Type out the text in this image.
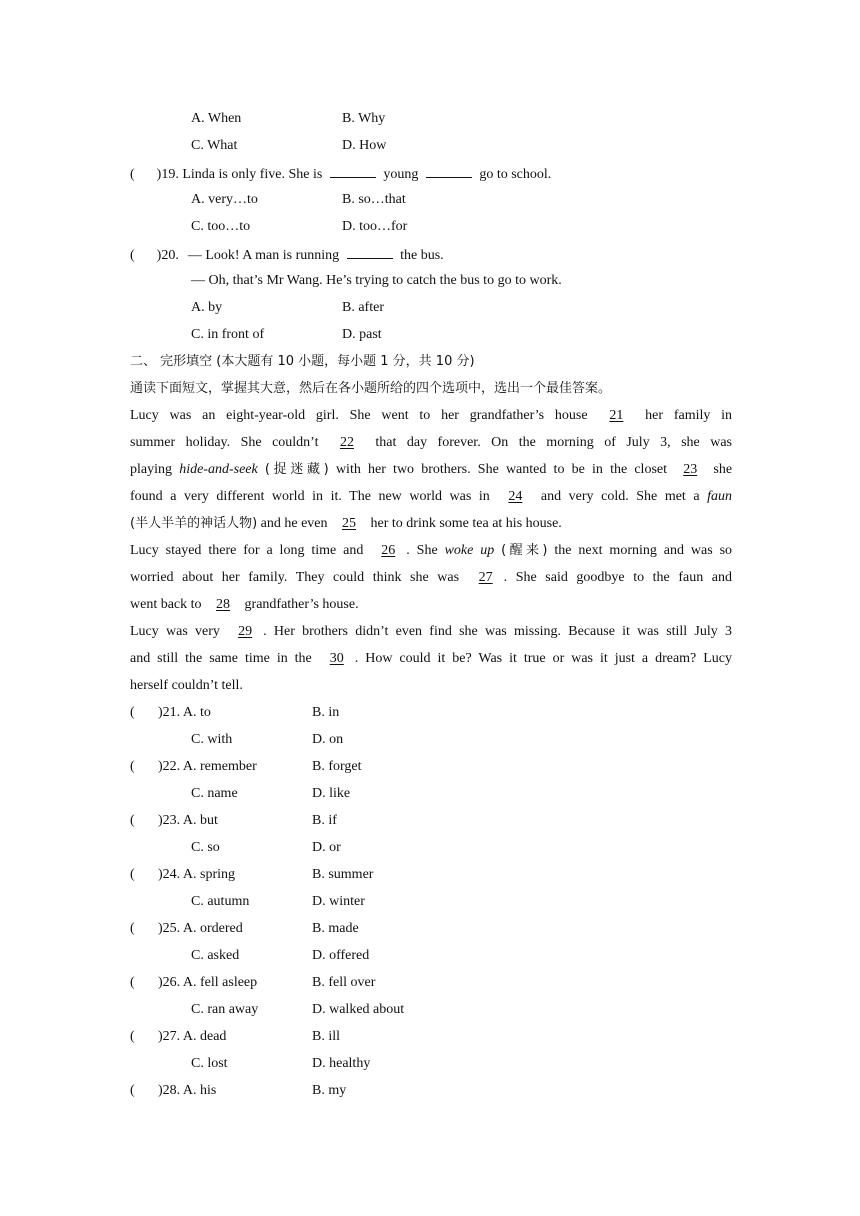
A. When	B. Why
C. What	D. How
( )19. Linda is only five. She is	young	go to school.
A. very…to	B. so…that
C. too…to	D. too…for
( )20. — Look! A man is running	the bus.
— Oh, that’s Mr Wang. He’s trying to catch the bus to go to work.
A. by	B. after
C. in front of	D. past
二、 完形填空 (本大题有 10 小题，每小题 1 分，共 10 分)
通读下面短文，掌握其大意，然后在各小题所给的四个选项中，选出一个最佳答案。
Lucy was an eight-year-old girl. She went to her grandfather’s house 21 her family in
summer holiday. She couldn’t 22 that day forever. On the morning of July 3, she was
playing hide-and-seek (捉迷藏) with her two brothers. She wanted to be in the closet 23 she
found a very different world in it. The new world was in 24 and very cold. She met a faun
(半人半羊的神话人物) and he even 25 her to drink some tea at his house.
Lucy stayed there for a long time and 26 . She woke up (醒来) the next morning and was so
worried about her family. They could think she was 27 . She said goodbye to the faun and
went back to 28 grandfather’s house.
Lucy was very 29 . Her brothers didn’t even find she was missing. Because it was still July 3
and still the same time in the 30 . How could it be? Was it true or was it just a dream? Lucy
herself couldn’t tell.
( )21. A. to	B. in
C. with	D. on
( )22. A. remember	B. forget
C. name	D. like
( )23. A. but	B. if
C. so	D. or
( )24. A. spring	B. summer
C. autumn	D. winter
( )25. A. ordered	B. made
C. asked	D. offered
( )26. A. fell asleep	B. fell over
C. ran away	D. walked about
( )27. A. dead	B. ill
C. lost	D. healthy
( )28. A. his	B. my
